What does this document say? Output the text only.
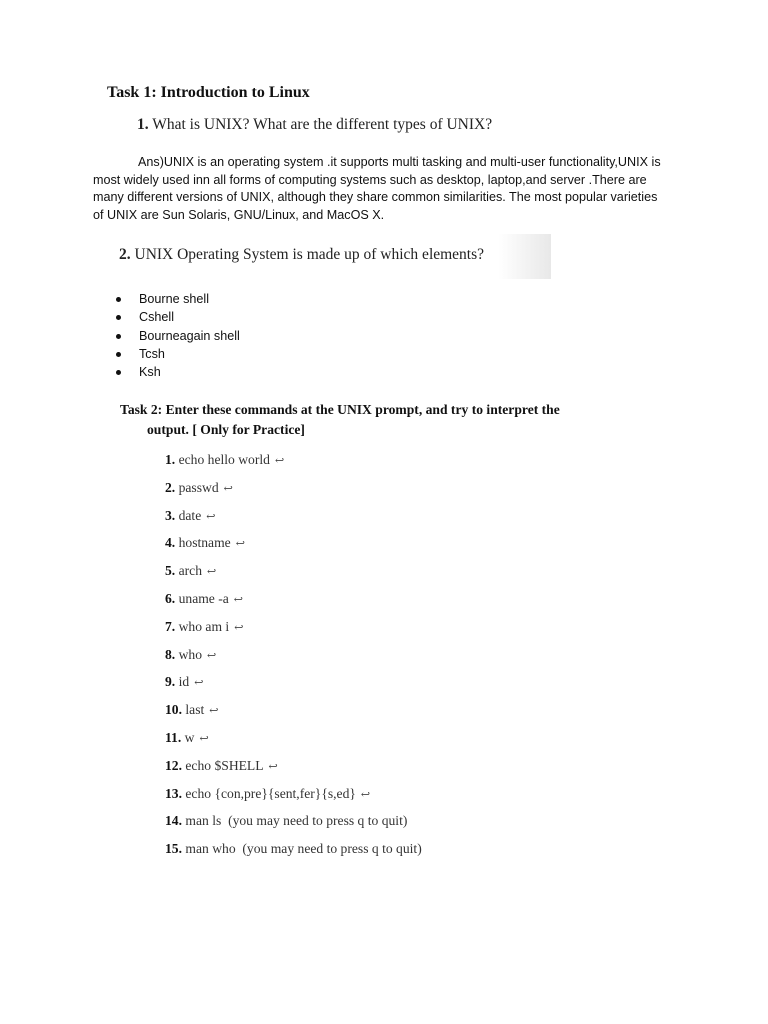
Task 1: Introduction to Linux
1. What is UNIX? What are the different types of UNIX?
Ans)UNIX is an operating system .it supports multi tasking and multi-user functionality,UNIX is most widely used inn all forms of computing systems such as desktop, laptop,and server .There are many different versions of UNIX, although they share common similarities. The most popular varieties of UNIX are Sun Solaris, GNU/Linux, and MacOS X.
2. UNIX Operating System is made up of which elements?
Bourne shell
Cshell
Bourneagain shell
Tcsh
Ksh
Task 2: Enter these commands at the UNIX prompt, and try to interpret the
output. [ Only for Practice]
1. echo hello world ↩
2. passwd ↩
3. date ↩
4. hostname ↩
5. arch ↩
6. uname -a ↩
7. who am i ↩
8. who ↩
9. id ↩
10. last ↩
11. w ↩
12. echo $SHELL ↩
13. echo {con,pre}{sent,fer}{s,ed} ↩
14. man ls  (you may need to press q to quit)
15. man who  (you may need to press q to quit)
